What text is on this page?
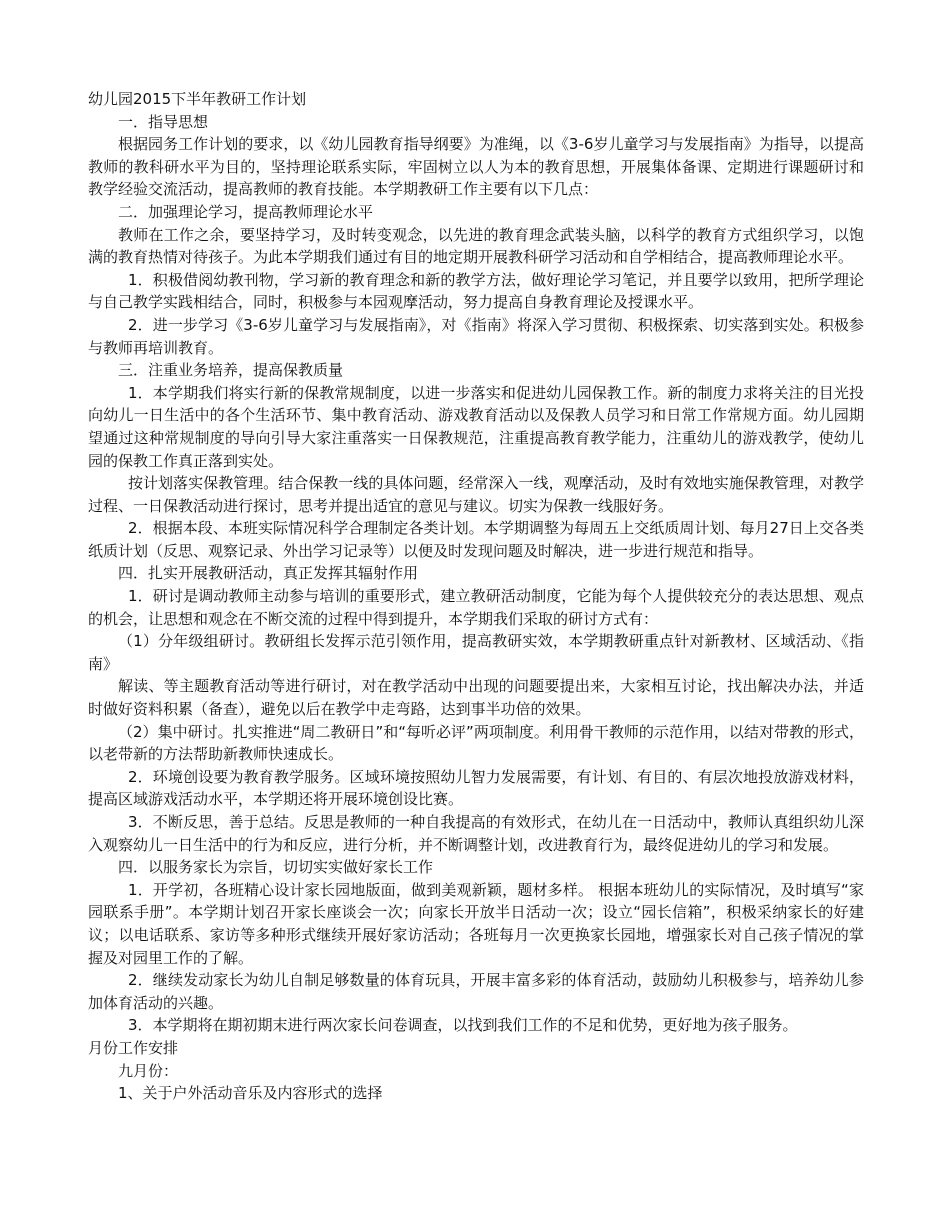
幼儿园2015下半年教研工作计划

一．指导思想

根据园务工作计划的要求，以《幼儿园教育指导纲要》为准绳，以《3-6岁儿童学习与发展指南》为指导，以提高教师的教科研水平为目的，坚持理论联系实际，牢固树立以人为本的教育思想，开展集体备课、定期进行课题研讨和教学经验交流活动，提高教师的教育技能。本学期教研工作主要有以下几点：

二．加强理论学习，提高教师理论水平

教师在工作之余，要坚持学习，及时转变观念，以先进的教育理念武装头脑，以科学的教育方式组织学习，以饱满的教育热情对待孩子。为此本学期我们通过有目的地定期开展教科研学习活动和自学相结合，提高教师理论水平。

1．积极借阅幼教刊物，学习新的教育理念和新的教学方法，做好理论学习笔记，并且要学以致用，把所学理论与自己教学实践相结合，同时，积极参与本园观摩活动，努力提高自身教育理论及授课水平。

2．进一步学习《3-6岁儿童学习与发展指南》，对《指南》将深入学习贯彻、积极探索、切实落到实处。积极参与教师再培训教育。

三．注重业务培养，提高保教质量

1．本学期我们将实行新的保教常规制度，以进一步落实和促进幼儿园保教工作。新的制度力求将关注的目光投向幼儿一日生活中的各个生活环节、集中教育活动、游戏教育活动以及保教人员学习和日常工作常规方面。幼儿园期望通过这种常规制度的导向引导大家注重落实一日保教规范，注重提高教育教学能力，注重幼儿的游戏教学，使幼儿园的保教工作真正落到实处。

按计划落实保教管理。结合保教一线的具体问题，经常深入一线，观摩活动，及时有效地实施保教管理，对教学过程、一日保教活动进行探讨，思考并提出适宜的意见与建议。切实为保教一线服好务。

2．根据本段、本班实际情况科学合理制定各类计划。本学期调整为每周五上交纸质周计划、每月27日上交各类纸质计划（反思、观察记录、外出学习记录等）以便及时发现问题及时解决，进一步进行规范和指导。

四．扎实开展教研活动，真正发挥其辐射作用

1．研讨是调动教师主动参与培训的重要形式，建立教研活动制度，它能为每个人提供较充分的表达思想、观点的机会，让思想和观念在不断交流的过程中得到提升，本学期我们采取的研讨方式有：

（1）分年级组研讨。教研组长发挥示范引领作用，提高教研实效，本学期教研重点针对新教材、区域活动、《指南》

解读、等主题教育活动等进行研讨，对在教学活动中出现的问题要提出来，大家相互讨论，找出解决办法，并适时做好资料积累（备查），避免以后在教学中走弯路，达到事半功倍的效果。

（2）集中研讨。扎实推进“周二教研日”和“每听必评”两项制度。利用骨干教师的示范作用，以结对带教的形式，以老带新的方法帮助新教师快速成长。

2．环境创设要为教育教学服务。区域环境按照幼儿智力发展需要，有计划、有目的、有层次地投放游戏材料，提高区域游戏活动水平，本学期还将开展环境创设比赛。

3．不断反思，善于总结。反思是教师的一种自我提高的有效形式，在幼儿在一日活动中，教师认真组织幼儿深入观察幼儿一日生活中的行为和反应，进行分析，并不断调整计划，改进教育行为，最终促进幼儿的学习和发展。

四．以服务家长为宗旨，切切实实做好家长工作

1．开学初，各班精心设计家长园地版面，做到美观新颖，题材多样。 根据本班幼儿的实际情况，及时填写“家园联系手册”。本学期计划召开家长座谈会一次；向家长开放半日活动一次；设立“园长信箱”，积极采纳家长的好建议；以电话联系、家访等多种形式继续开展好家访活动；各班每月一次更换家长园地，增强家长对自己孩子情况的掌握及对园里工作的了解。

2．继续发动家长为幼儿自制足够数量的体育玩具，开展丰富多彩的体育活动，鼓励幼儿积极参与，培养幼儿参加体育活动的兴趣。

3．本学期将在期初期末进行两次家长问卷调查，以找到我们工作的不足和优势，更好地为孩子服务。

月份工作安排

九月份：

1、关于户外活动音乐及内容形式的选择
